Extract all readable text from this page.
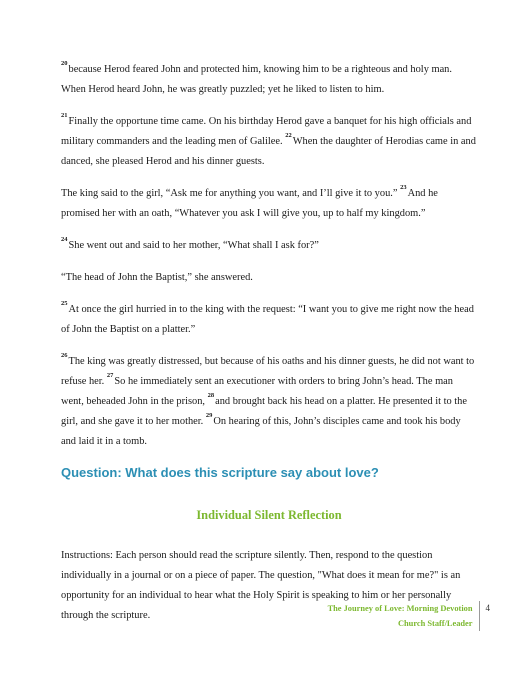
$^{20}$because Herod feared John and protected him, knowing him to be a righteous and holy man. When Herod heard John, he was greatly puzzled; yet he liked to listen to him.

$^{21}$Finally the opportune time came. On his birthday Herod gave a banquet for his high officials and military commanders and the leading men of Galilee. $^{22}$When the daughter of Herodias came in and danced, she pleased Herod and his dinner guests.

The king said to the girl, “Ask me for anything you want, and I’ll give it to you.” $^{23}$And he promised her with an oath, “Whatever you ask I will give you, up to half my kingdom.”

$^{24}$She went out and said to her mother, “What shall I ask for?”

“The head of John the Baptist,” she answered.

$^{25}$At once the girl hurried in to the king with the request: “I want you to give me right now the head of John the Baptist on a platter.”

$^{26}$The king was greatly distressed, but because of his oaths and his dinner guests, he did not want to refuse her. $^{27}$So he immediately sent an executioner with orders to bring John’s head. The man went, beheaded John in the prison, $^{28}$and brought back his head on a platter. He presented it to the girl, and she gave it to her mother. $^{29}$On hearing of this, John’s disciples came and took his body and laid it in a tomb.

Question: What does this scripture say about love?
Individual Silent Reflection

Instructions: Each person should read the scripture silently. Then, respond to the question individually in a journal or on a piece of paper. The question, "What does it mean for me?" is an opportunity for an individual to hear what the Holy Spirit is speaking to him or her personally through the scripture.

The Journey of Love: Morning Devotion
Church Staff/Leader
4
